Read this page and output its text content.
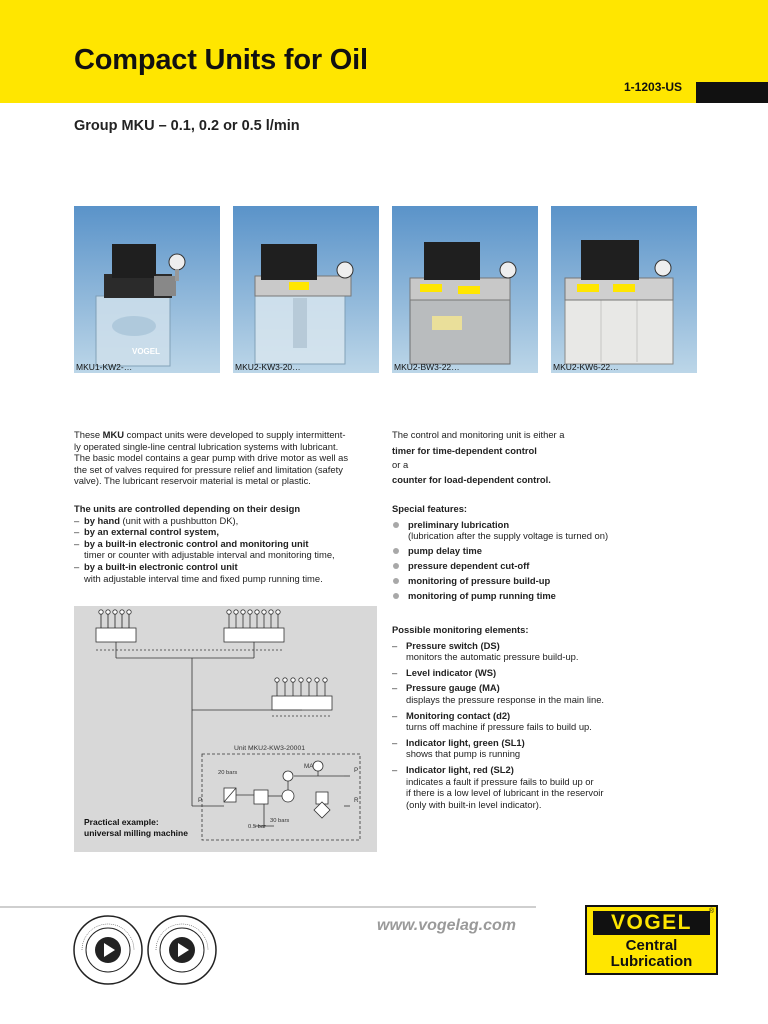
Compact Units for Oil
1-1203-US
Group MKU – 0.1, 0.2 or 0.5 l/min
VOGEL
MKU1-KW2-…	MKU2-KW3-20…	MKU2-BW3-22…	MKU2-KW6-22…
These MKU compact units were developed to supply intermittent-
ly operated single-line central lubrication systems with lubricant.
The basic model contains a gear pump with drive motor as well as
the set of valves required for pressure relief and limitation (safety
valve). The lubricant reservoir material is metal or plastic.
The units are controlled depending on their design
– by hand (unit with a pushbutton DK),
– by an external control system,
– by a built-in electronic control and monitoring unit
timer or counter with adjustable interval and monitoring time,
– by a built-in electronic control unit
with adjustable interval time and fixed pump running time.
Unit MKU2-KW3-20001
MA
P
P	R
20 bars
30 bars
0.5 bar
Practical example:
universal milling machine
The control and monitoring unit is either a
timer for time-dependent control
or a
counter for load-dependent control.
Special features:
preliminary lubrication
(lubrication after the supply voltage is turned on)
pump delay time
pressure dependent cut-off
monitoring of pressure build-up
monitoring of pump running time
Possible monitoring elements:
– Pressure switch (DS)
monitors the automatic pressure build-up.
– Level indicator (WS)
– Pressure gauge (MA)
displays the pressure response in the main line.
– Monitoring contact (d2)
turns off machine if pressure fails to build up.
– Indicator light, green (SL1)
shows that pump is running
– Indicator light, red (SL2)
indicates a fault if pressure fails to build up or
if there is a low level of lubricant in the reservoir
(only with built-in level indicator).
www.vogelag.com	VOGEL	®
Central
Lubrication
